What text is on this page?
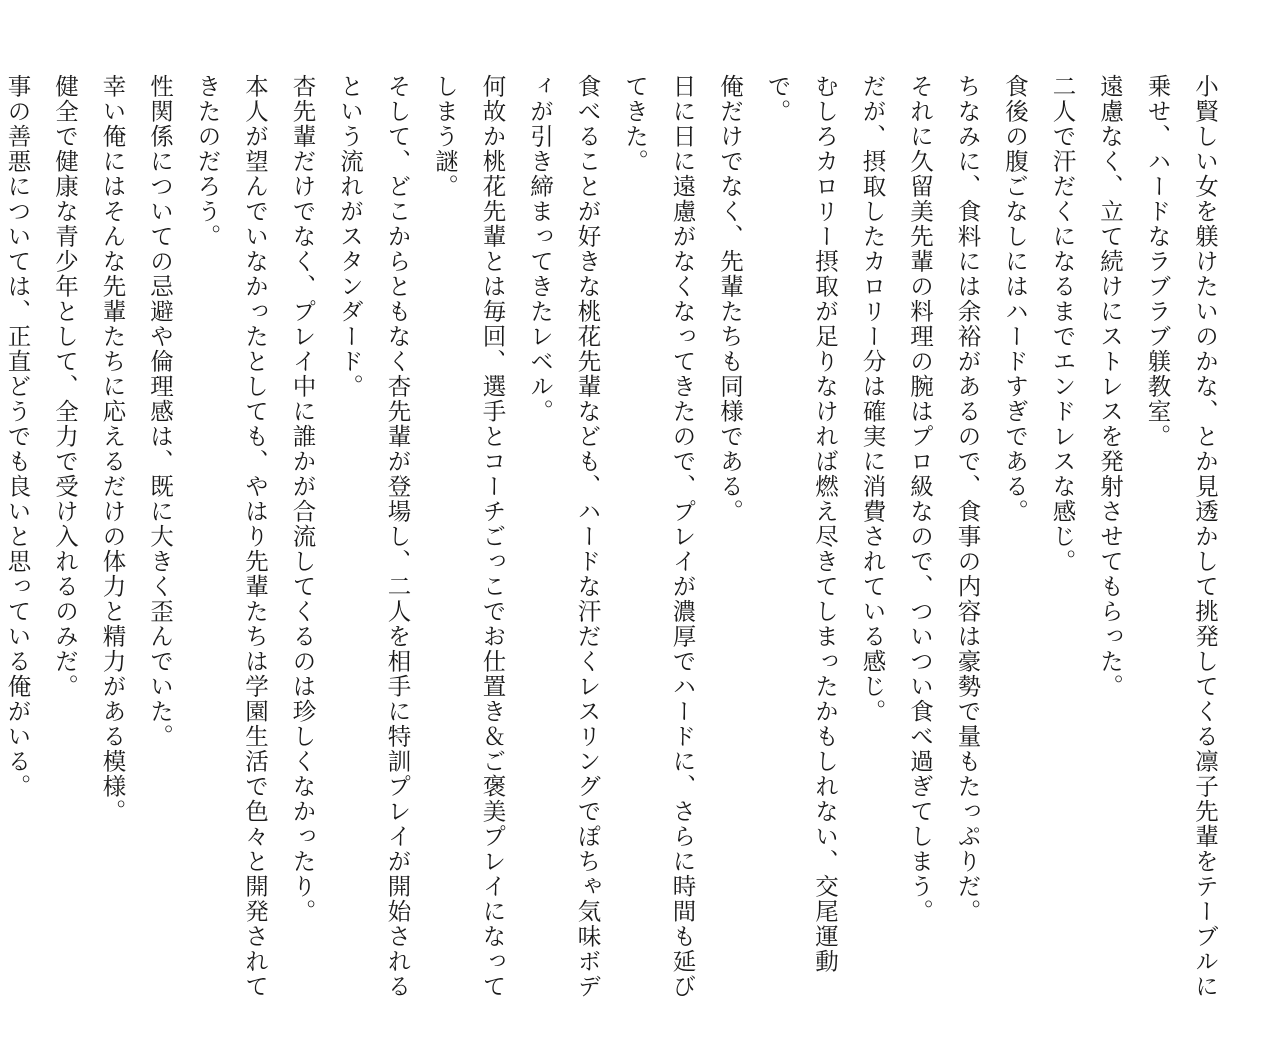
小賢しい女を躾けたいのかな、とか見透かして挑発してくる凛子先輩をテーブルに乗せ、ハードなラブラブ躾教室。

遠慮なく、立て続けにストレスを発射させてもらった。

二人で汗だくになるまでエンドレスな感じ。

食後の腹ごなしにはハードすぎである。

ちなみに、食料には余裕があるので、食事の内容は豪勢で量もたっぷりだ。

それに久留美先輩の料理の腕はプロ級なので、ついつい食べ過ぎてしまう。

だが、摂取したカロリー分は確実に消費されている感じ。

むしろカロリー摂取が足りなければ燃え尽きてしまったかもしれない、交尾運動で。

俺だけでなく、先輩たちも同様である。

日に日に遠慮がなくなってきたので、プレイが濃厚でハードに、さらに時間も延びてきた。

食べることが好きな桃花先輩なども、ハードな汗だくレスリングでぽちゃ気味ボディが引き締まってきたレベル。

何故か桃花先輩とは毎回、選手とコーチごっこでお仕置き＆ご褒美プレイになってしまう謎。

そして、どこからともなく杏先輩が登場し、二人を相手に特訓プレイが開始されるという流れがスタンダード。

杏先輩だけでなく、プレイ中に誰かが合流してくるのは珍しくなかったり。

本人が望んでいなかったとしても、やはり先輩たちは学園生活で色々と開発されてきたのだろう。

性関係についての忌避や倫理感は、既に大きく歪んでいた。

幸い俺にはそんな先輩たちに応えるだけの体力と精力がある模様。

健全で健康な青少年として、全力で受け入れるのみだ。

事の善悪については、正直どうでも良いと思っている俺がいる。
